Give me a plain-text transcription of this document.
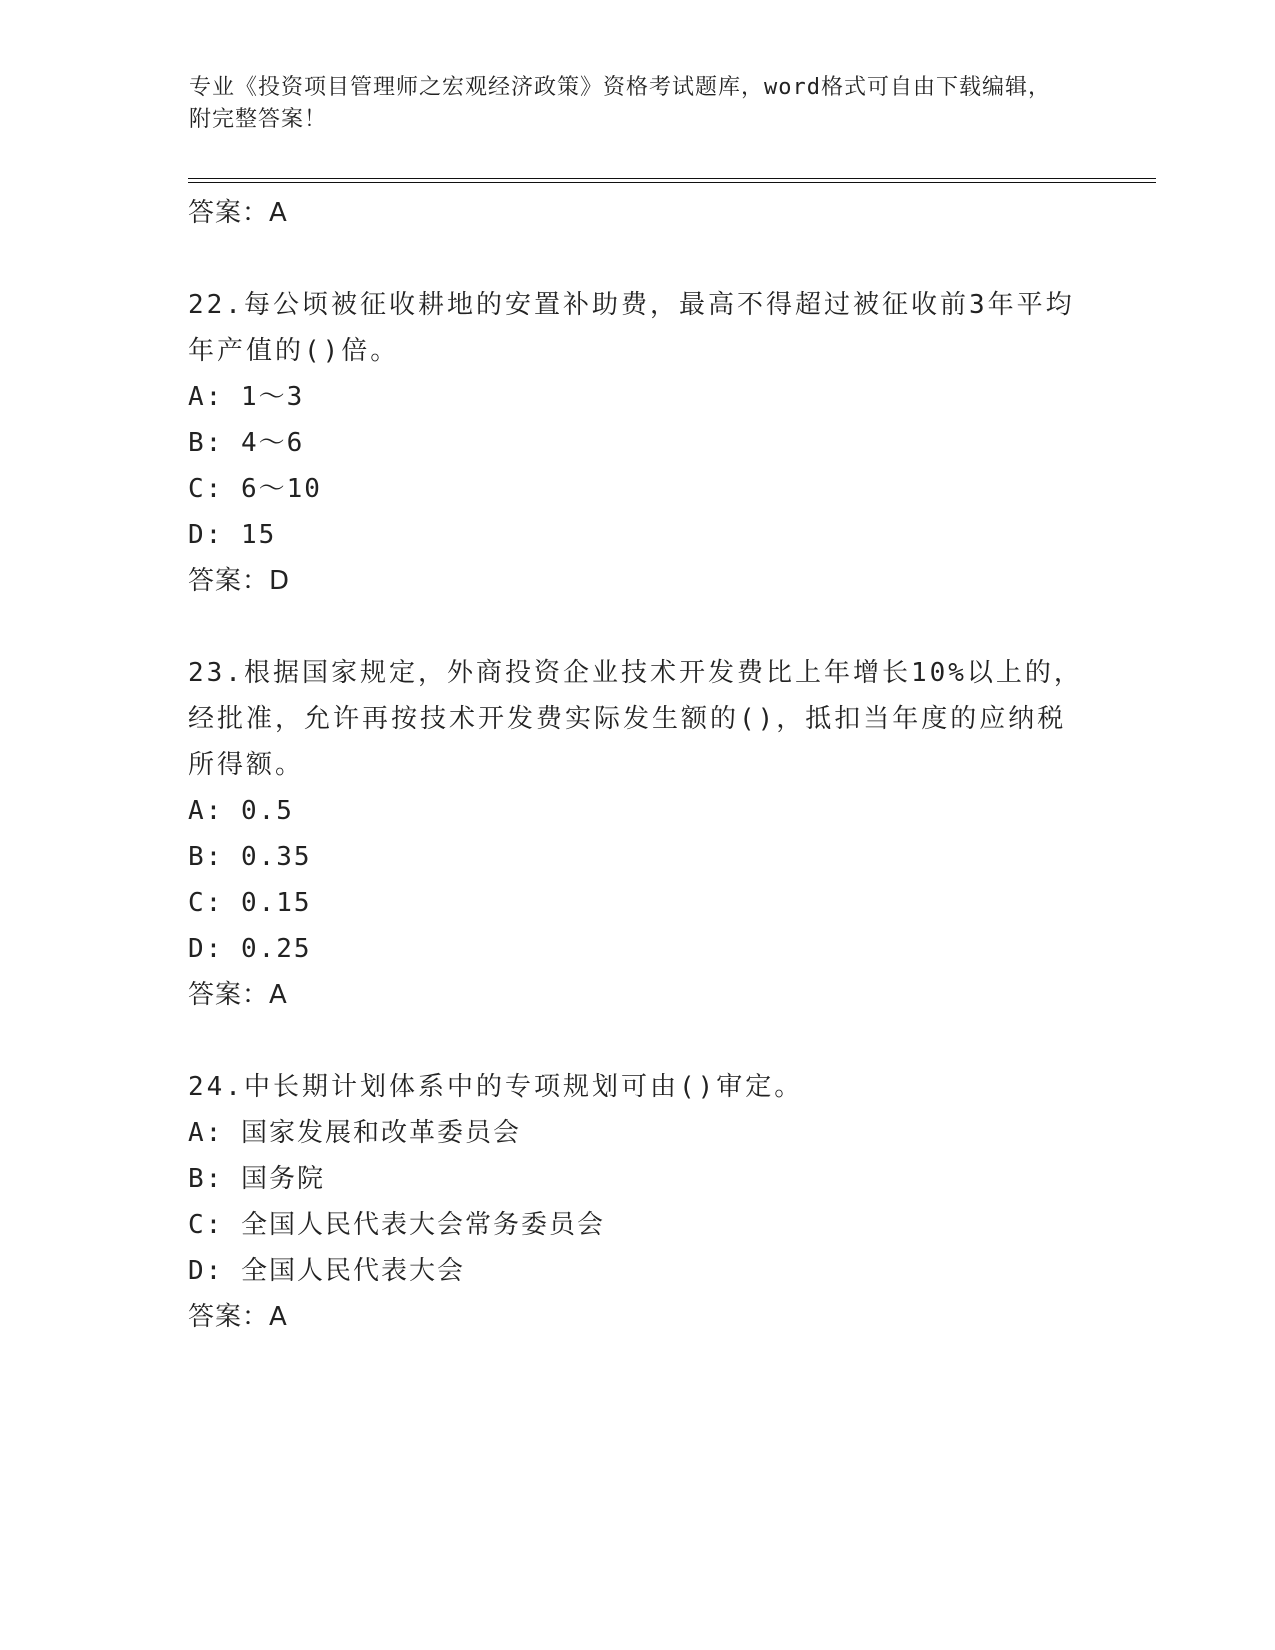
专业《投资项目管理师之宏观经济政策》资格考试题库，word格式可自由下载编辑，附完整答案！
答案：A
22.每公顷被征收耕地的安置补助费，最高不得超过被征收前3年平均年产值的()倍。
A: 1～3
B: 4～6
C: 6～10
D: 15
答案：D
23.根据国家规定，外商投资企业技术开发费比上年增长10%以上的，经批准，允许再按技术开发费实际发生额的()，抵扣当年度的应纳税所得额。
A: 0.5
B: 0.35
C: 0.15
D: 0.25
答案：A
24.中长期计划体系中的专项规划可由()审定。
A: 国家发展和改革委员会
B: 国务院
C: 全国人民代表大会常务委员会
D: 全国人民代表大会
答案：A
